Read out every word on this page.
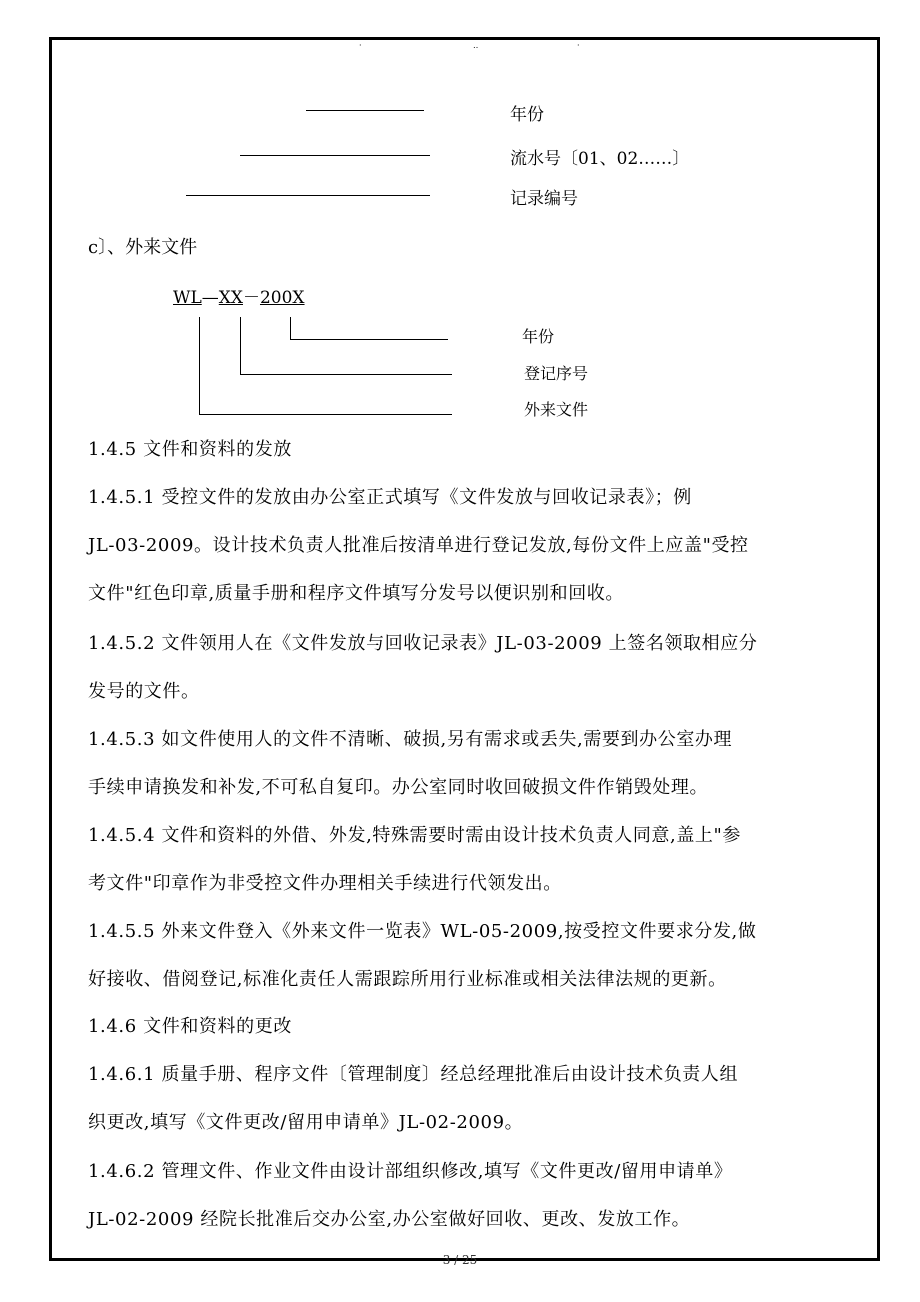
·	‥	·
年份
流水号〔01、02……〕
记录编号
c〕、外来文件
WL—XX－200X
年份
登记序号
外来文件
1.4.5 文件和资料的发放
1.4.5.1 受控文件的发放由办公室正式填写《文件发放与回收记录表》；例
JL-03-2009。设计技术负责人批准后按清单进行登记发放,每份文件上应盖"受控
文件"红色印章,质量手册和程序文件填写分发号以便识别和回收。
1.4.5.2 文件领用人在《文件发放与回收记录表》JL-03-2009 上签名领取相应分
发号的文件。
1.4.5.3 如文件使用人的文件不清晰、破损,另有需求或丢失,需要到办公室办理
手续申请换发和补发,不可私自复印。办公室同时收回破损文件作销毁处理。
1.4.5.4 文件和资料的外借、外发,特殊需要时需由设计技术负责人同意,盖上"参
考文件"印章作为非受控文件办理相关手续进行代领发出。
1.4.5.5 外来文件登入《外来文件一览表》WL-05-2009,按受控文件要求分发,做
好接收、借阅登记,标准化责任人需跟踪所用行业标准或相关法律法规的更新。
1.4.6 文件和资料的更改
1.4.6.1 质量手册、程序文件〔管理制度〕经总经理批准后由设计技术负责人组
织更改,填写《文件更改/留用申请单》JL-02-2009。
1.4.6.2 管理文件、作业文件由设计部组织修改,填写《文件更改/留用申请单》
JL-02-2009 经院长批准后交办公室,办公室做好回收、更改、发放工作。
3 / 25
